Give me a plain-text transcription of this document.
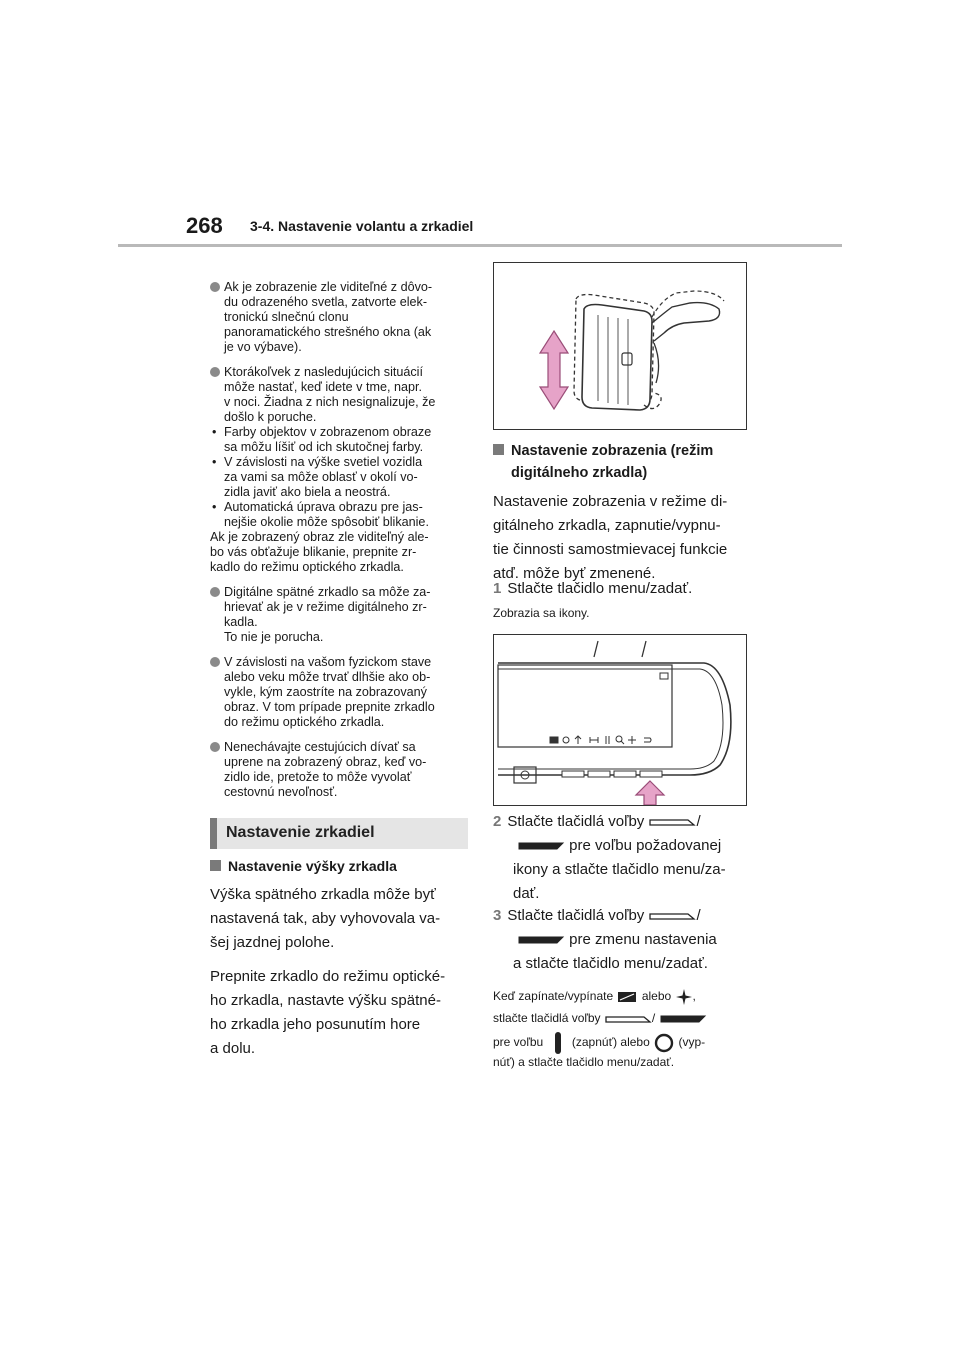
268 3-4. Nastavenie volantu a zrkadiel

Ak je zobrazenie zle viditeľné z dôvo-
du odrazeného svetla, zatvorte elek-
tronickú slnečnú clonu
panoramatického strešného okna (ak
je vo výbave).

Ktorákoľvek z nasledujúcich situácií
môže nastať, keď idete v tme, napr.
v noci. Žiadna z nich nesignalizuje, že
došlo k poruche.

• Farby objektov v zobrazenom obraze
sa môžu líšiť od ich skutočnej farby.

• V závislosti na výške svetiel vozidla
za vami sa môže oblasť v okolí vo-
zidla javiť ako biela a neostrá.

• Automatická úprava obrazu pre jas-
nejšie okolie môže spôsobiť blikanie.

Ak je zobrazený obraz zle viditeľný ale-
bo vás obťažuje blikanie, prepnite zr-
kadlo do režimu optického zrkadla.

Digitálne spätné zrkadlo sa môže za-
hrievať ak je v režime digitálneho zr-
kadla.
To nie je porucha.

V závislosti na vašom fyzickom stave
alebo veku môže trvať dlhšie ako ob-
vykle, kým zaostríte na zobrazovaný
obraz. V tom prípade prepnite zrkadlo
do režimu optického zrkadla.

Nenechávajte cestujúcich dívať sa
uprene na zobrazený obraz, keď vo-
zidlo ide, pretože to môže vyvolať
cestovnú nevoľnosť.

Nastavenie zrkadiel
Nastavenie výšky zrkadla

Výška spätného zrkadla môže byť
nastavená tak, aby vyhovovala va-
šej jazdnej polohe.

Prepnite zrkadlo do režimu optické-
ho zrkadla, nastavte výšku spätné-
ho zrkadla jeho posunutím hore
a dolu.

Nastavenie zobrazenia (režim
digitálneho zrkadla)
Nastavenie zobrazenia v režime di-
gitálneho zrkadla, zapnutie/vypnu-
tie činnosti samostmievacej funkcie
atď. môže byť zmenené.
1 Stlačte tlačidlo menu/zadať.
Zobrazia sa ikony.
2 Stlačte tlačidlá voľby	/
pre voľbu požadovanej
ikony a stlačte tlačidlo menu/za-
dať.
3 Stlačte tlačidlá voľby	/
pre zmenu nastavenia
a stlačte tlačidlo menu/zadať.
Keď zapínate/vypínate alebo ,
stlačte tlačidlá voľby	/
pre voľbu (zapnúť) alebo (vyp-
núť) a stlačte tlačidlo menu/zadať.
